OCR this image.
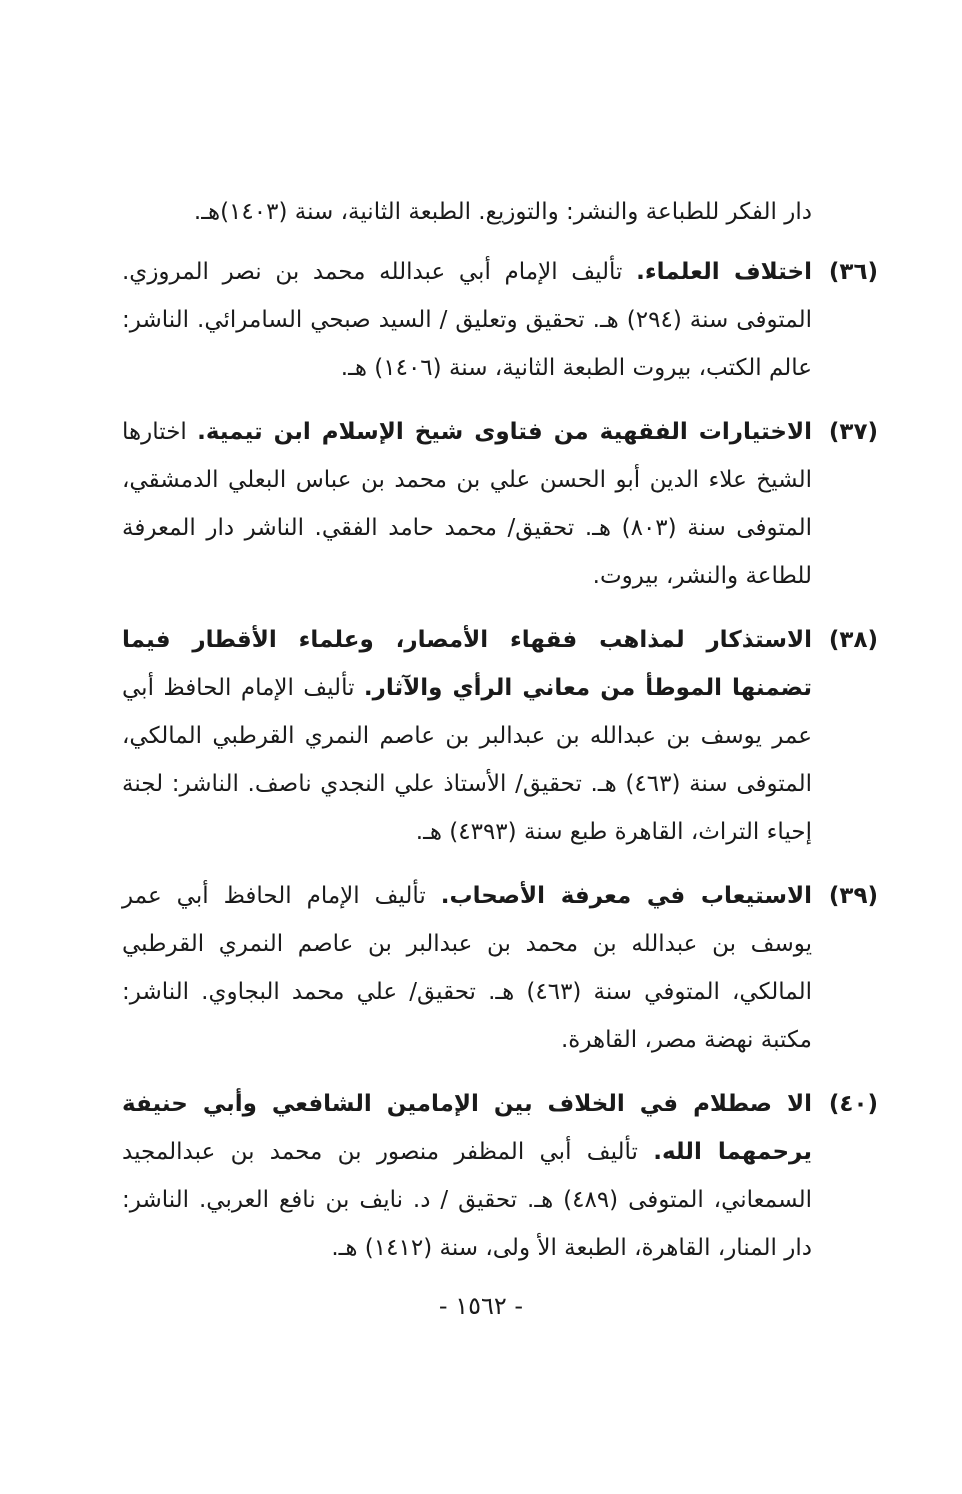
دار الفكر للطباعة والنشر: والتوزيع. الطبعة الثانية، سنة (١٤٠٣)هـ.

(٣٦)
اختلاف العلماء. تأليف الإمام أبي عبدالله محمد بن نصر المروزي. المتوفى سنة (٢٩٤) هـ. تحقيق وتعليق / السيد صبحي السامرائي. الناشر: عالم الكتب، بيروت الطبعة الثانية، سنة (١٤٠٦) هـ.

(٣٧)
الاختيارات الفقهية من فتاوى شيخ الإسلام ابن تيمية. اختارها الشيخ علاء الدين أبو الحسن علي بن محمد بن عباس البعلي الدمشقي، المتوفى سنة (٨٠٣) هـ. تحقيق/ محمد حامد الفقي. الناشر دار المعرفة للطاعة والنشر، بيروت.

(٣٨)
الاستذكار لمذاهب فقهاء الأمصار، وعلماء الأقطار فيما تضمنها الموطأ من معاني الرأي والآثار. تأليف الإمام الحافظ أبي عمر يوسف بن عبدالله بن عبدالبر بن عاصم النمري القرطبي المالكي، المتوفى سنة (٤٦٣) هـ. تحقيق/ الأستاذ علي النجدي ناصف. الناشر: لجنة إحياء التراث، القاهرة طبع سنة (٤٣٩٣) هـ.

(٣٩)
الاستيعاب في معرفة الأصحاب. تأليف الإمام الحافظ أبي عمر يوسف بن عبدالله بن محمد بن عبدالبر بن عاصم النمري القرطبي المالكي، المتوفي سنة (٤٦٣) هـ. تحقيق/ علي محمد البجاوي. الناشر: مكتبة نهضة مصر، القاهرة.

(٤٠)
الا صطلام في الخلاف بين الإمامين الشافعي وأبي حنيفة يرحمهما الله. تأليف أبي المظفر منصور بن محمد بن عبدالمجيد السمعاني، المتوفى (٤٨٩) هـ. تحقيق / د. نايف بن نافع العربي. الناشر: دار المنار، القاهرة، الطبعة الأ ولى، سنة (١٤١٢) هـ.

- ١٥٦٢ -
